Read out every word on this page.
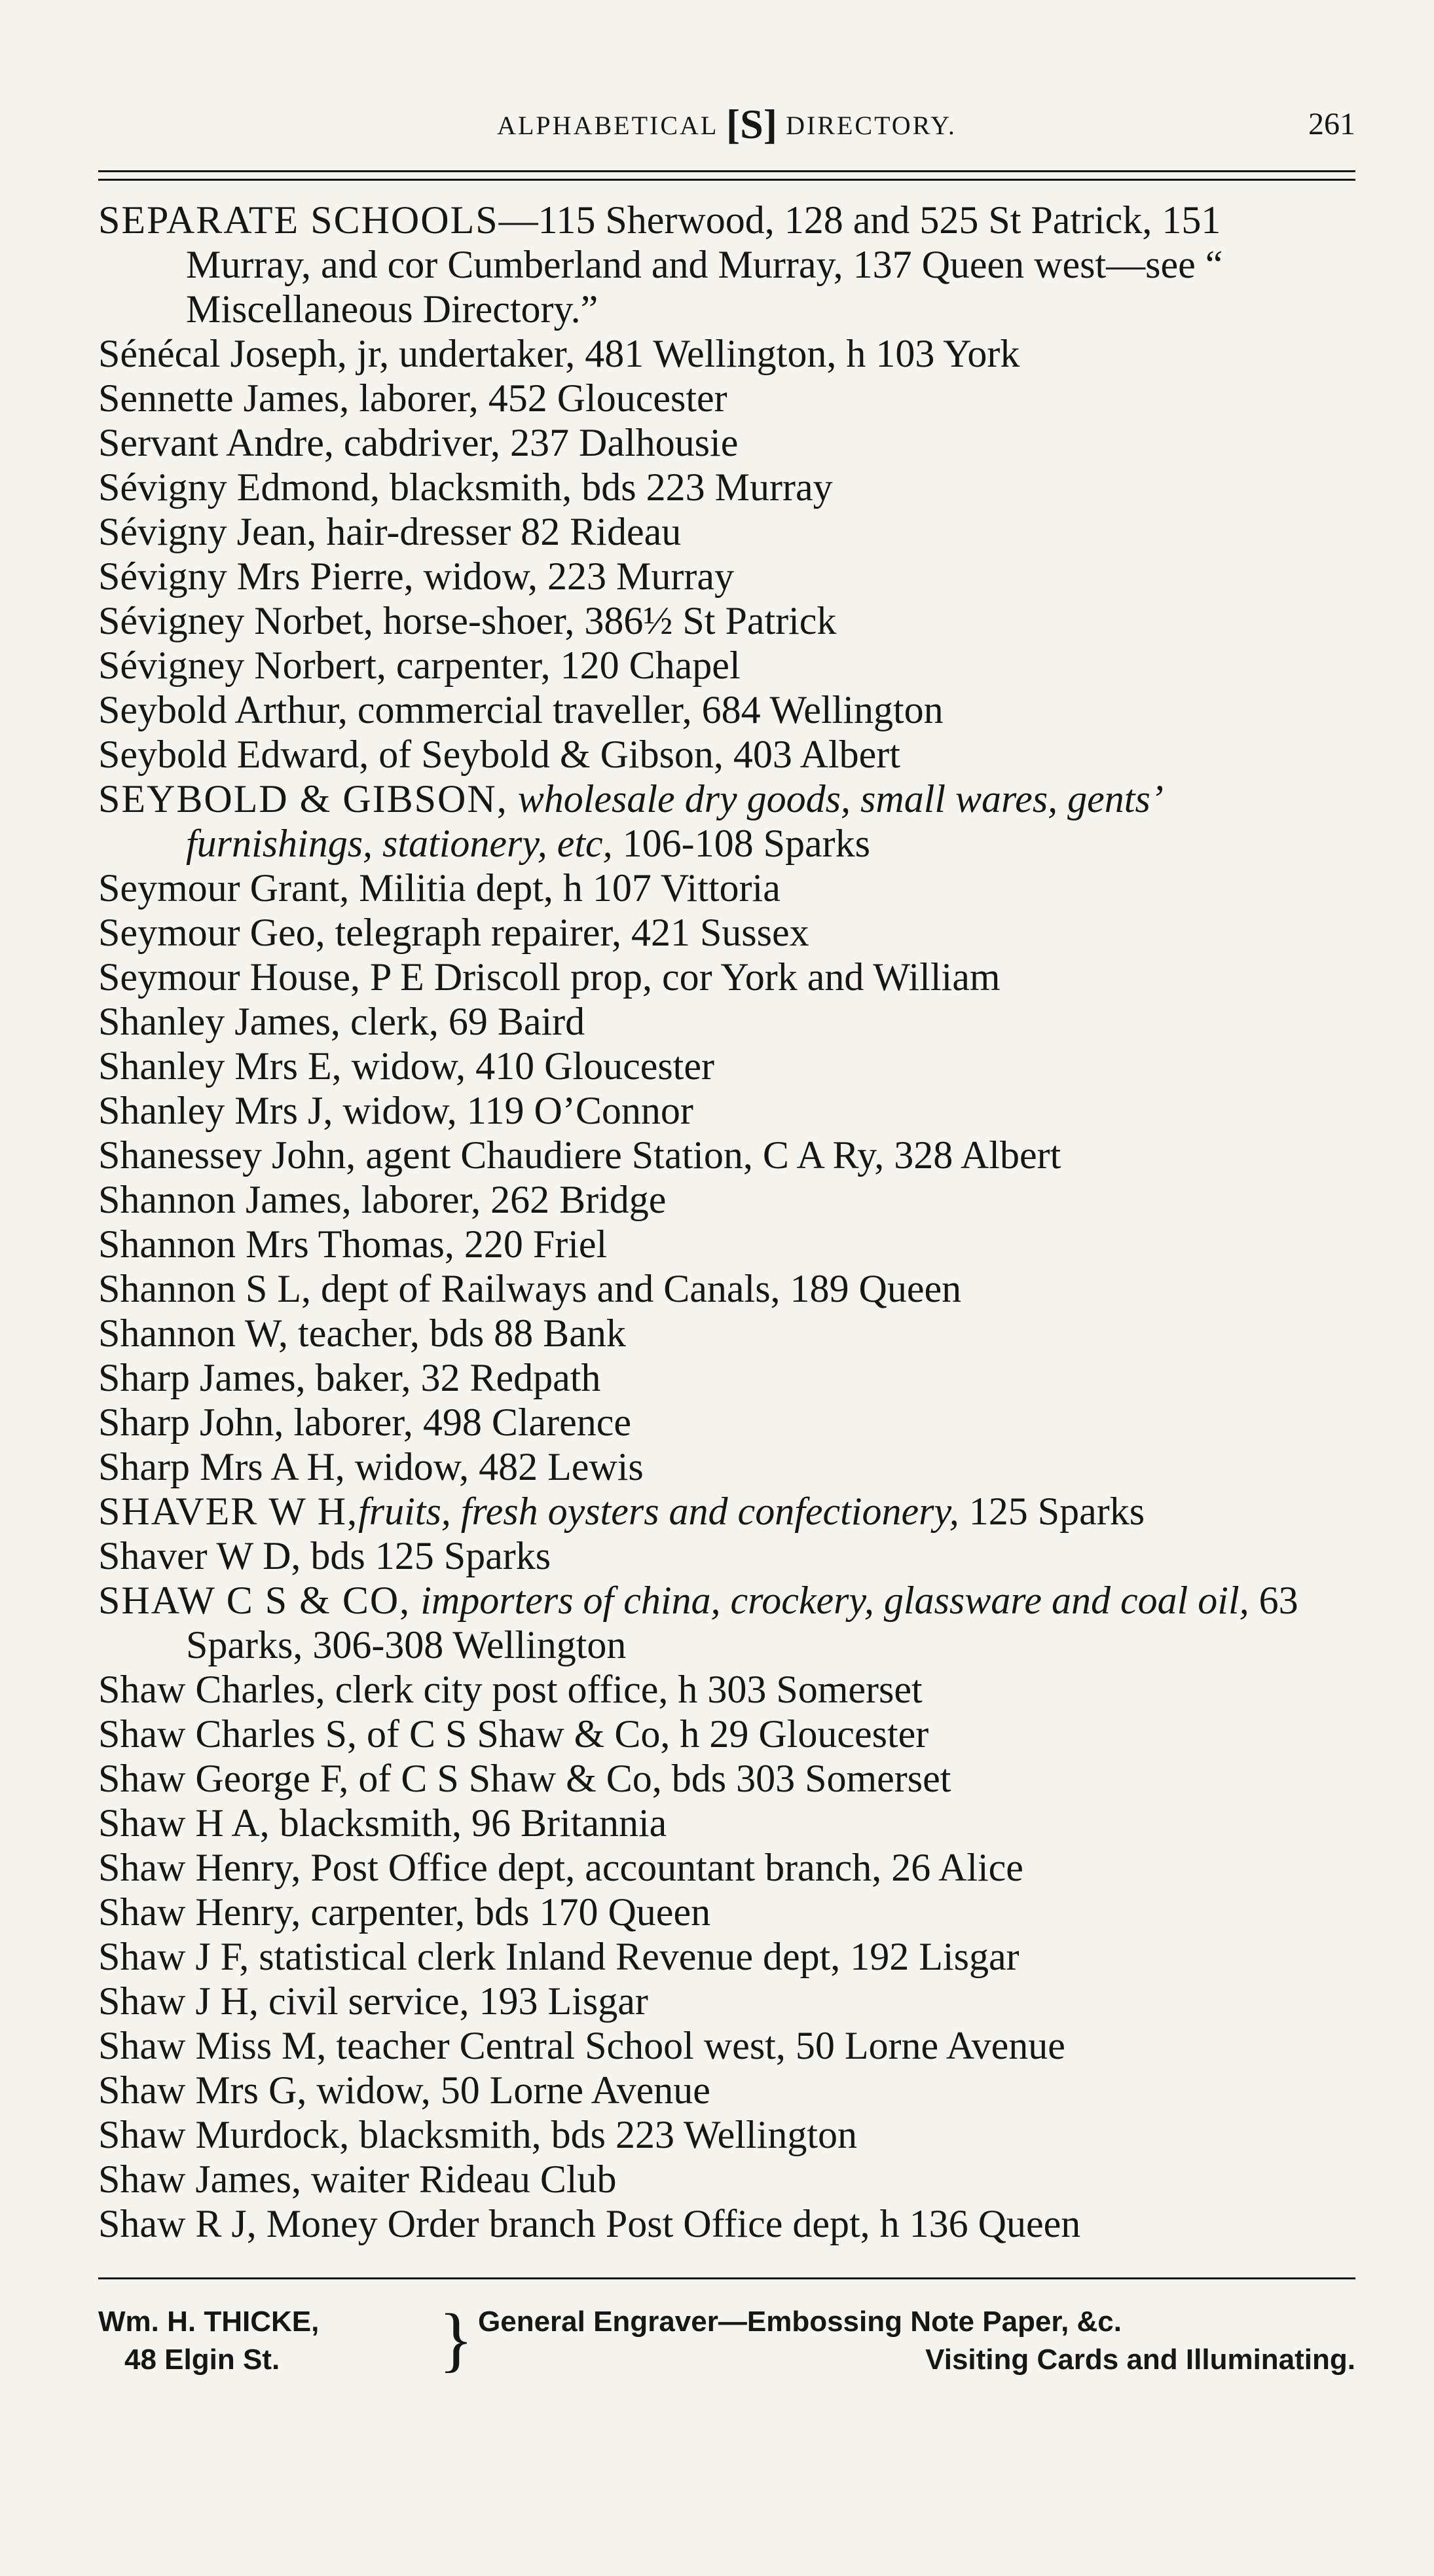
ALPHABETICAL [S] DIRECTORY.	261
SEPARATE SCHOOLS—115 Sherwood, 128 and 525 St Patrick, 151 Murray, and cor Cumberland and Murray, 137 Queen west—see “ Miscellaneous Directory.”
Sénécal Joseph, jr, undertaker, 481 Wellington, h 103 York
Sennette James, laborer, 452 Gloucester
Servant Andre, cabdriver, 237 Dalhousie
Sévigny Edmond, blacksmith, bds 223 Murray
Sévigny Jean, hair-dresser 82 Rideau
Sévigny Mrs Pierre, widow, 223 Murray
Sévigney Norbet, horse-shoer, 386½ St Patrick
Sévigney Norbert, carpenter, 120 Chapel
Seybold Arthur, commercial traveller, 684 Wellington
Seybold Edward, of Seybold & Gibson, 403 Albert
SEYBOLD & GIBSON, wholesale dry goods, small wares, gents’ furnishings, stationery, etc, 106-108 Sparks
Seymour Grant, Militia dept, h 107 Vittoria
Seymour Geo, telegraph repairer, 421 Sussex
Seymour House, P E Driscoll prop, cor York and William
Shanley James, clerk, 69 Baird
Shanley Mrs E, widow, 410 Gloucester
Shanley Mrs J, widow, 119 O’Connor
Shanessey John, agent Chaudiere Station, C A Ry, 328 Albert
Shannon James, laborer, 262 Bridge
Shannon Mrs Thomas, 220 Friel
Shannon S L, dept of Railways and Canals, 189 Queen
Shannon W, teacher, bds 88 Bank
Sharp James, baker, 32 Redpath
Sharp John, laborer, 498 Clarence
Sharp Mrs A H, widow, 482 Lewis
SHAVER W H,fruits, fresh oysters and confectionery, 125 Sparks
Shaver W D, bds 125 Sparks
SHAW C S & CO, importers of china, crockery, glassware and coal oil, 63 Sparks, 306-308 Wellington
Shaw Charles, clerk city post office, h 303 Somerset
Shaw Charles S, of C S Shaw & Co, h 29 Gloucester
Shaw George F, of C S Shaw & Co, bds 303 Somerset
Shaw H A, blacksmith, 96 Britannia
Shaw Henry, Post Office dept, accountant branch, 26 Alice
Shaw Henry, carpenter, bds 170 Queen
Shaw J F, statistical clerk Inland Revenue dept, 192 Lisgar
Shaw J H, civil service, 193 Lisgar
Shaw Miss M, teacher Central School west, 50 Lorne Avenue
Shaw Mrs G, widow, 50 Lorne Avenue
Shaw Murdock, blacksmith, bds 223 Wellington
Shaw James, waiter Rideau Club
Shaw R J, Money Order branch Post Office dept, h 136 Queen
Wm. H. THICKE,
48 Elgin St.	} General Engraver—Embossing Note Paper, &c.
Visiting Cards and Illuminating.
